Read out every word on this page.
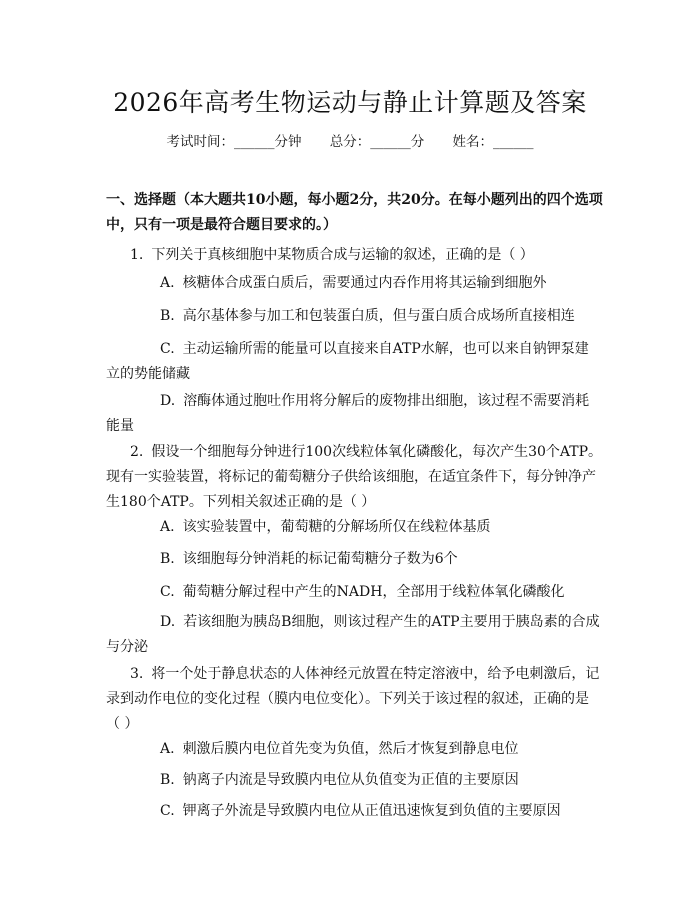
2026年高考生物运动与静止计算题及答案
考试时间：______分钟 总分：______分 姓名：______
一、选择题（本大题共10小题，每小题2分，共20分。在每小题列出的四个选项中，只有一项是最符合题目要求的。）
1. 下列关于真核细胞中某物质合成与运输的叙述，正确的是（ ）
A. 核糖体合成蛋白质后，需要通过内吞作用将其运输到细胞外
B. 高尔基体参与加工和包装蛋白质，但与蛋白质合成场所直接相连
C. 主动运输所需的能量可以直接来自ATP水解，也可以来自钠钾泵建立的势能储藏
D. 溶酶体通过胞吐作用将分解后的废物排出细胞，该过程不需要消耗能量
2. 假设一个细胞每分钟进行100次线粒体氧化磷酸化，每次产生30个ATP。现有一实验装置，将标记的葡萄糖分子供给该细胞，在适宜条件下，每分钟净产生180个ATP。下列相关叙述正确的是（ ）
A. 该实验装置中，葡萄糖的分解场所仅在线粒体基质
B. 该细胞每分钟消耗的标记葡萄糖分子数为6个
C. 葡萄糖分解过程中产生的NADH，全部用于线粒体氧化磷酸化
D. 若该细胞为胰岛B细胞，则该过程产生的ATP主要用于胰岛素的合成与分泌
3. 将一个处于静息状态的人体神经元放置在特定溶液中，给予电刺激后，记录到动作电位的变化过程（膜内电位变化）。下列关于该过程的叙述，正确的是（ ）
A. 刺激后膜内电位首先变为负值，然后才恢复到静息电位
B. 钠离子内流是导致膜内电位从负值变为正值的主要原因
C. 钾离子外流是导致膜内电位从正值迅速恢复到负值的主要原因
